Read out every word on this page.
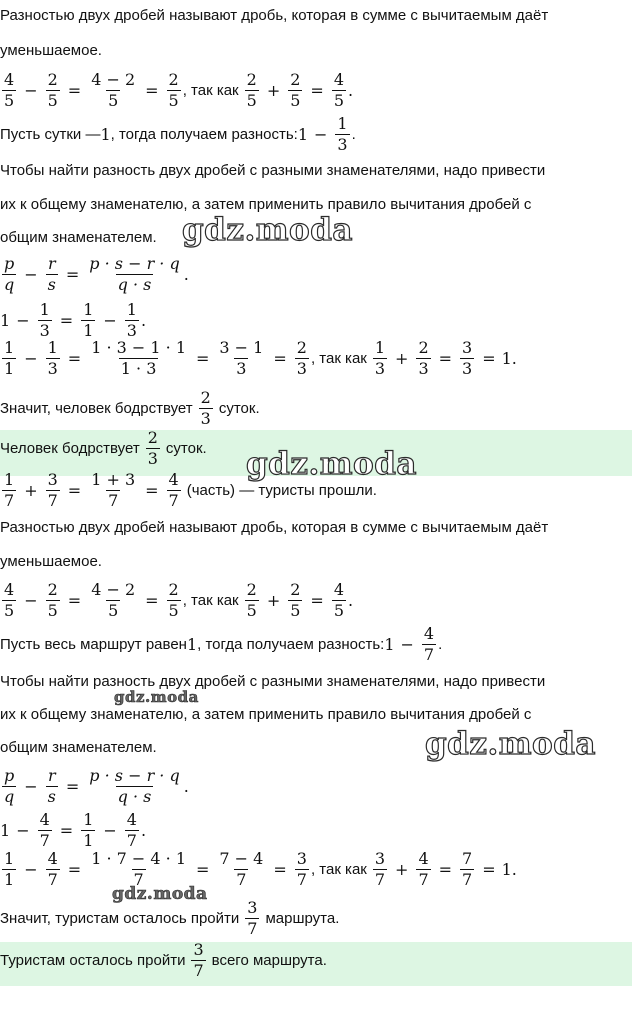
Разностью двух дробей называют дробь, которая в сумме с вычитаемым даёт
уменьшаемое.
$\frac{4}{5} - \frac{2}{5} = \frac{4 - 2}{5} = \frac{2}{5}$ , так как $\frac{2}{5} + \frac{2}{5} = \frac{4}{5}$ .
Пусть сутки — 1 , тогда получаем разность: $1 - \frac{1}{3}$ .
Чтобы найти разность двух дробей с разными знаменателями, надо привести
их к общему знаменателю, а затем применить правило вычитания дробей с
общим знаменателем.
$\frac{p}{q} - \frac{r}{s} = \frac{p \cdot s - r \cdot q}{q \cdot s}$ .
$1 - \frac{1}{3} = \frac{1}{1} - \frac{1}{3}$ .
$\frac{1}{1} - \frac{1}{3} = \frac{1 \cdot 3 - 1 \cdot 1}{1 \cdot 3} = \frac{3 - 1}{3} = \frac{2}{3}$ , так как $\frac{1}{3} + \frac{2}{3} = \frac{3}{3} = 1$.
Значит, человек бодрствует $\frac{2}{3}$ суток.
Человек бодрствует $\frac{2}{3}$ суток.
$\frac{1}{7} + \frac{3}{7} = \frac{1 + 3}{7} = \frac{4}{7}$ (часть) — туристы прошли.
Разностью двух дробей называют дробь, которая в сумме с вычитаемым даёт
уменьшаемое.
$\frac{4}{5} - \frac{2}{5} = \frac{4 - 2}{5} = \frac{2}{5}$ , так как $\frac{2}{5} + \frac{2}{5} = \frac{4}{5}$ .
Пусть весь маршрут равен 1 , тогда получаем разность: $1 - \frac{4}{7}$ .
Чтобы найти разность двух дробей с разными знаменателями, надо привести
их к общему знаменателю, а затем применить правило вычитания дробей с
общим знаменателем.
$\frac{p}{q} - \frac{r}{s} = \frac{p \cdot s - r \cdot q}{q \cdot s}$ .
$1 - \frac{4}{7} = \frac{1}{1} - \frac{4}{7}$ .
$\frac{1}{1} - \frac{4}{7} = \frac{1 \cdot 7 - 4 \cdot 1}{7} = \frac{7 - 4}{7} = \frac{3}{7}$ , так как $\frac{3}{7} + \frac{4}{7} = \frac{7}{7} = 1$.
Значит, туристам осталось пройти $\frac{3}{7}$ маршрута.
Туристам осталось пройти $\frac{3}{7}$ всего маршрута.
gdz.moda
gdz.moda
gdz.moda
gdz.moda
gdz.moda
